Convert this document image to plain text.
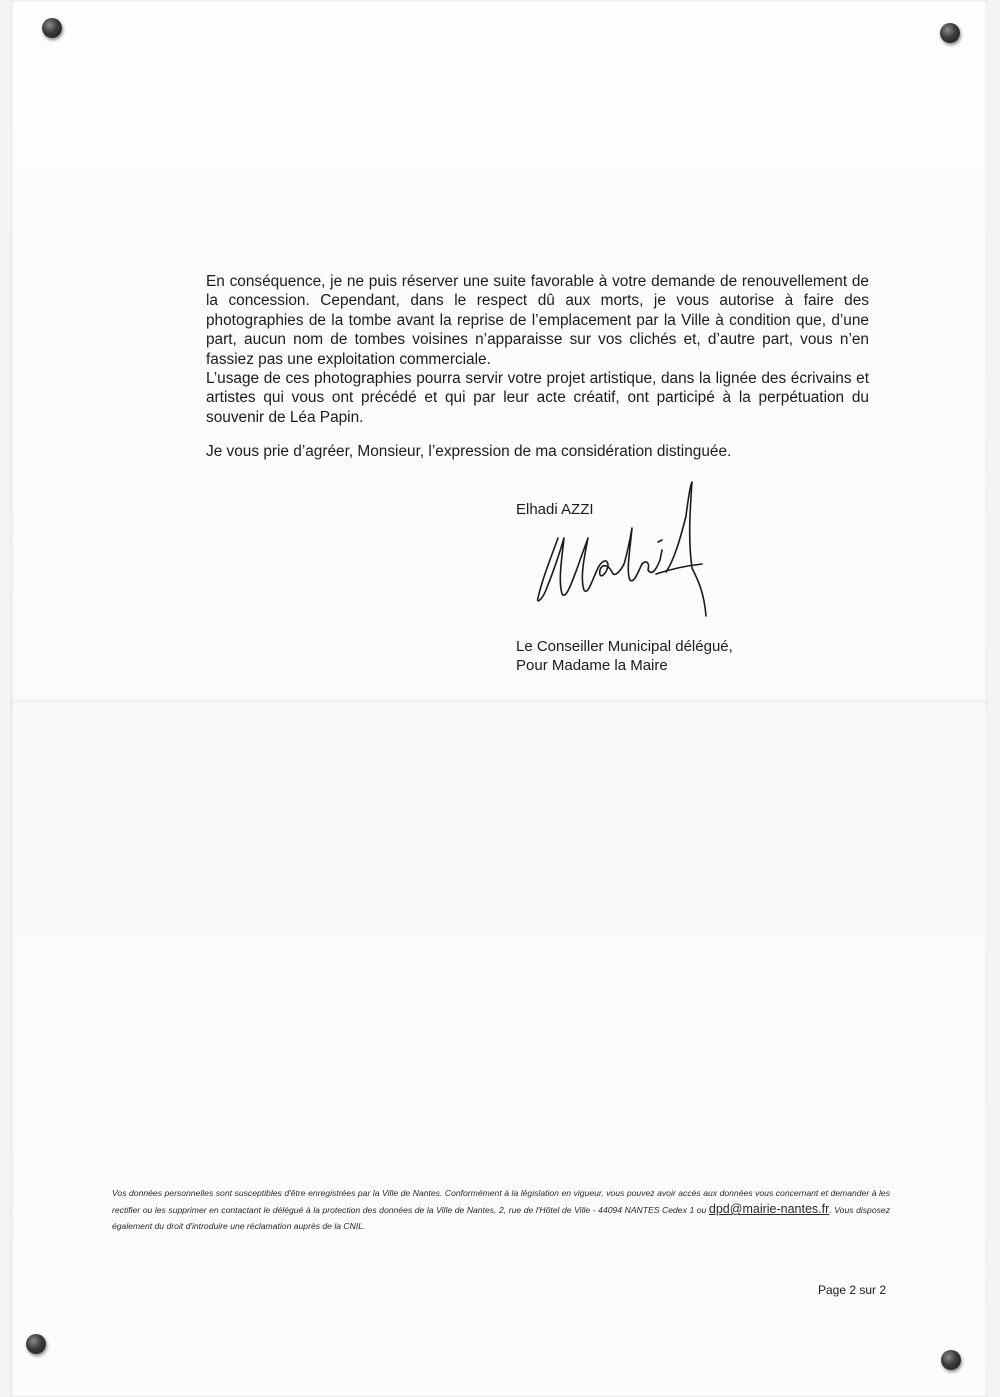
En conséquence, je ne puis réserver une suite favorable à votre demande de renouvellement de la concession. Cependant, dans le respect dû aux morts, je vous autorise à faire des photographies de la tombe avant la reprise de l’emplacement par la Ville à condition que, d’une part, aucun nom de tombes voisines n’apparaisse sur vos clichés et, d’autre part, vous n’en fassiez pas une exploitation commerciale.

L’usage de ces photographies pourra servir votre projet artistique, dans la lignée des écrivains et artistes qui vous ont précédé et qui par leur acte créatif, ont participé à la perpétuation du souvenir de Léa Papin.

Je vous prie d’agréer, Monsieur, l’expression de ma considération distinguée.
Elhadi AZZI
Le Conseiller Municipal délégué,
Pour Madame la Maire
Vos données personnelles sont susceptibles d'être enregistrées par la Ville de Nantes. Conformément à la législation en vigueur, vous pouvez avoir accès aux données vous concernant et demander à les rectifier ou les supprimer en contactant le délégué à la protection des données de la Ville de Nantes, 2, rue de l'Hôtel de Ville - 44094 NANTES Cedex 1 ou dpd@mairie-nantes.fr. Vous disposez également du droit d'introduire une réclamation auprès de la CNIL.
Page 2 sur 2
